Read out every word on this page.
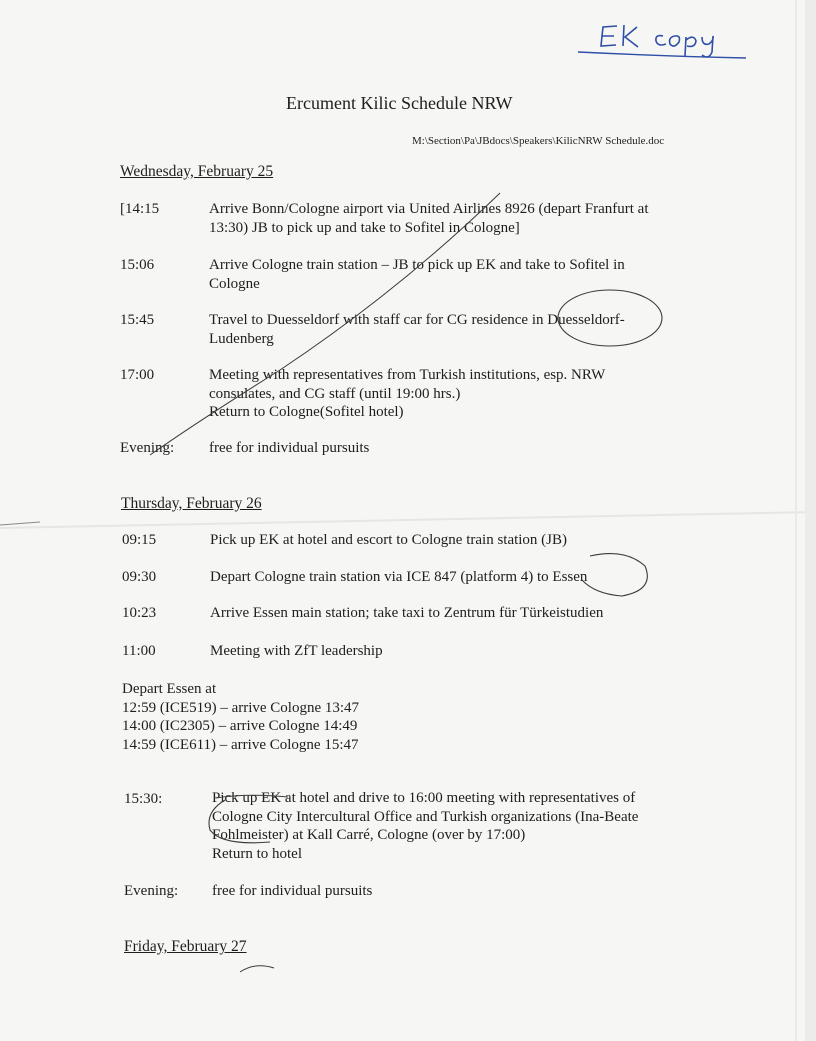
Ercument Kilic Schedule NRW
M:\Section\Pa\JBdocs\Speakers\KilicNRW Schedule.doc
Wednesday, February 25
[14:15	Arrive Bonn/Cologne airport via United Airlines 8926 (depart Franfurt at
13:30) JB to pick up and take to Sofitel in Cologne]
15:06	Arrive Cologne train station – JB to pick up EK and take to Sofitel in
Cologne
15:45	Travel to Duesseldorf with staff car for CG residence in Duesseldorf-
Ludenberg
17:00	Meeting with representatives from Turkish institutions, esp. NRW
consulates, and CG staff (until 19:00 hrs.)
Return to Cologne(Sofitel hotel)
Evening: free for individual pursuits
Thursday, February 26
09:15	Pick up EK at hotel and escort to Cologne train station (JB)
09:30	Depart Cologne train station via ICE 847 (platform 4) to Essen
10:23	Arrive Essen main station; take taxi to Zentrum für Türkeistudien
11:00	Meeting with ZfT leadership
Depart Essen at
12:59 (ICE519) – arrive Cologne 13:47
14:00 (IC2305) – arrive Cologne 14:49
14:59 (ICE611) – arrive Cologne 15:47
15:30:	Pick up EK at hotel and drive to 16:00 meeting with representatives of
Cologne City Intercultural Office and Turkish organizations (Ina-Beate
Fohlmeister) at Kall Carré, Cologne (over by 17:00)
Return to hotel
Evening: free for individual pursuits
Friday, February 27
